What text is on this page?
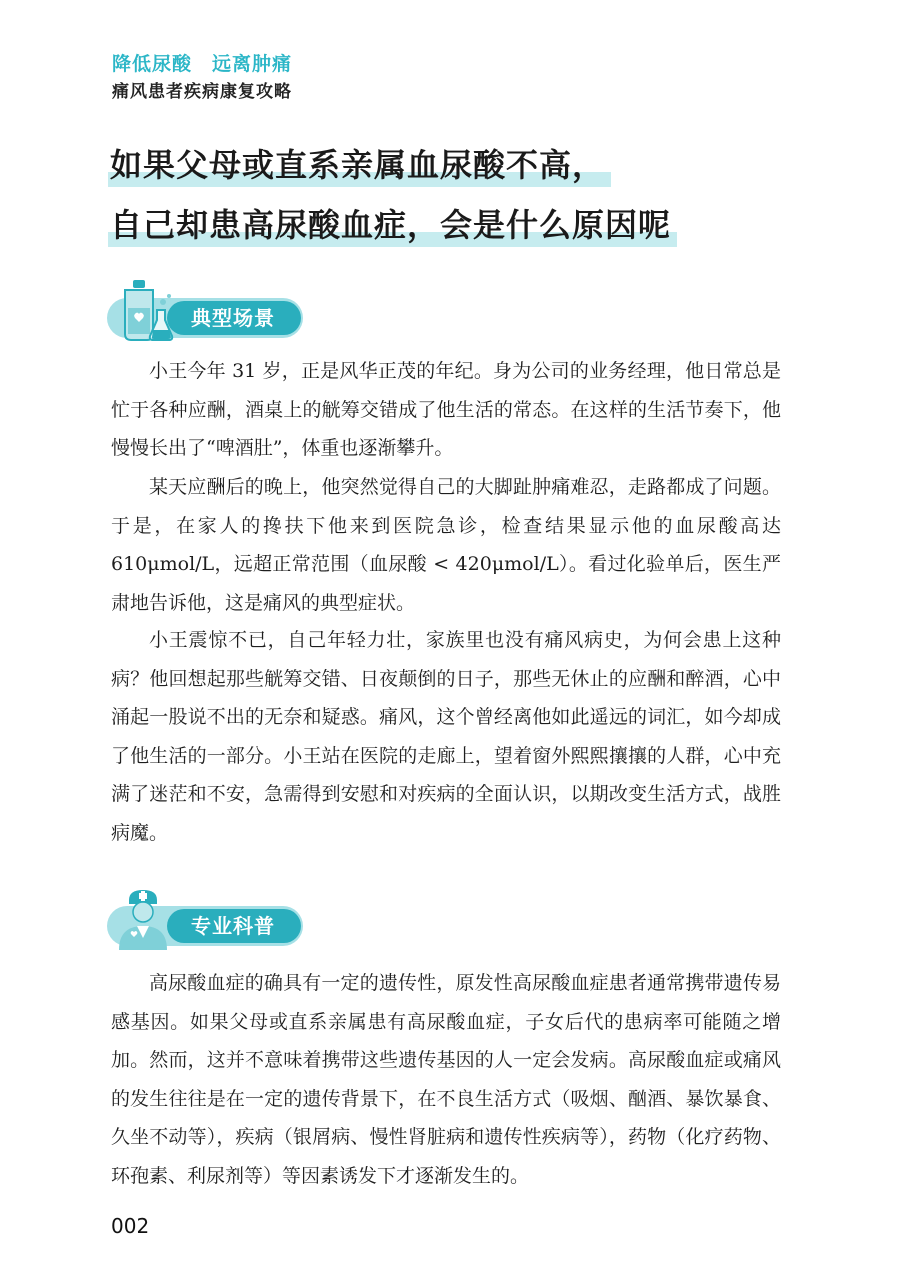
降低尿酸　远离肿痛
痛风患者疾病康复攻略
如果父母或直系亲属血尿酸不高，

自己却患高尿酸血症，会是什么原因呢
典型场景
小王今年 31 岁，正是风华正茂的年纪。身为公司的业务经理，他日常总是忙于各种应酬，酒桌上的觥筹交错成了他生活的常态。在这样的生活节奏下，他慢慢长出了“啤酒肚”，体重也逐渐攀升。
某天应酬后的晚上，他突然觉得自己的大脚趾肿痛难忍，走路都成了问题。于是，在家人的搀扶下他来到医院急诊，检查结果显示他的血尿酸高达 610μmol/L，远超正常范围（血尿酸 < 420μmol/L）。看过化验单后，医生严肃地告诉他，这是痛风的典型症状。
小王震惊不已，自己年轻力壮，家族里也没有痛风病史，为何会患上这种病？他回想起那些觥筹交错、日夜颠倒的日子，那些无休止的应酬和醉酒，心中涌起一股说不出的无奈和疑惑。痛风，这个曾经离他如此遥远的词汇，如今却成了他生活的一部分。小王站在医院的走廊上，望着窗外熙熙攘攘的人群，心中充满了迷茫和不安，急需得到安慰和对疾病的全面认识，以期改变生活方式，战胜病魔。
专业科普
高尿酸血症的确具有一定的遗传性，原发性高尿酸血症患者通常携带遗传易感基因。如果父母或直系亲属患有高尿酸血症，子女后代的患病率可能随之增加。然而，这并不意味着携带这些遗传基因的人一定会发病。高尿酸血症或痛风的发生往往是在一定的遗传背景下，在不良生活方式（吸烟、酗酒、暴饮暴食、久坐不动等），疾病（银屑病、慢性肾脏病和遗传性疾病等），药物（化疗药物、环孢素、利尿剂等）等因素诱发下才逐渐发生的。
002
